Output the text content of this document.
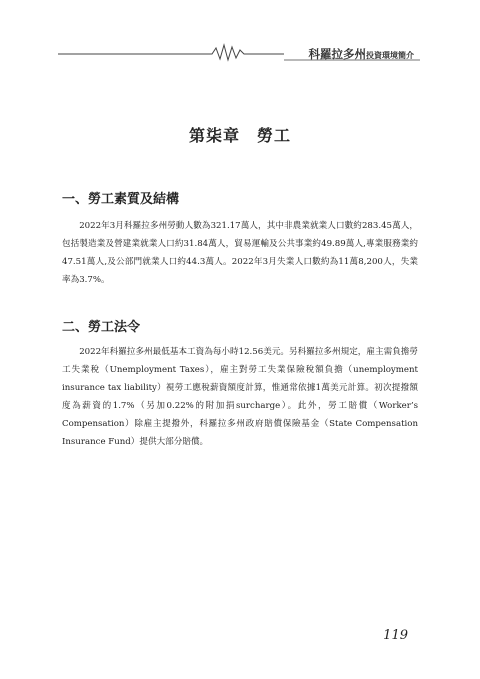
科羅拉多州投資環境簡介
第柒章　勞工
一、勞工素質及結構

2022年3月科羅拉多州勞動人數為321.17萬人，其中非農業就業人口數約283.45萬人，包括製造業及營建業就業人口約31.84萬人，貿易運輸及公共事業約49.89萬人,專業服務業約47.51萬人,及公部門就業人口約44.3萬人。2022年3月失業人口數約為11萬8,200人，失業率為3.7%。

二、勞工法令

2022年科羅拉多州最低基本工資為每小時12.56美元。另科羅拉多州規定，雇主需負擔勞工失業稅（Unemployment Taxes），雇主對勞工失業保險稅額負擔（unemployment insurance tax liability）視勞工應稅薪資額度計算，惟通常依據1萬美元計算。初次提撥額度為薪資的1.7%（另加0.22%的附加捐surcharge）。此外，勞工賠償（Worker’s Compensation）除雇主提撥外，科羅拉多州政府賠償保險基金（State Compensation Insurance Fund）提供大部分賠償。

119
